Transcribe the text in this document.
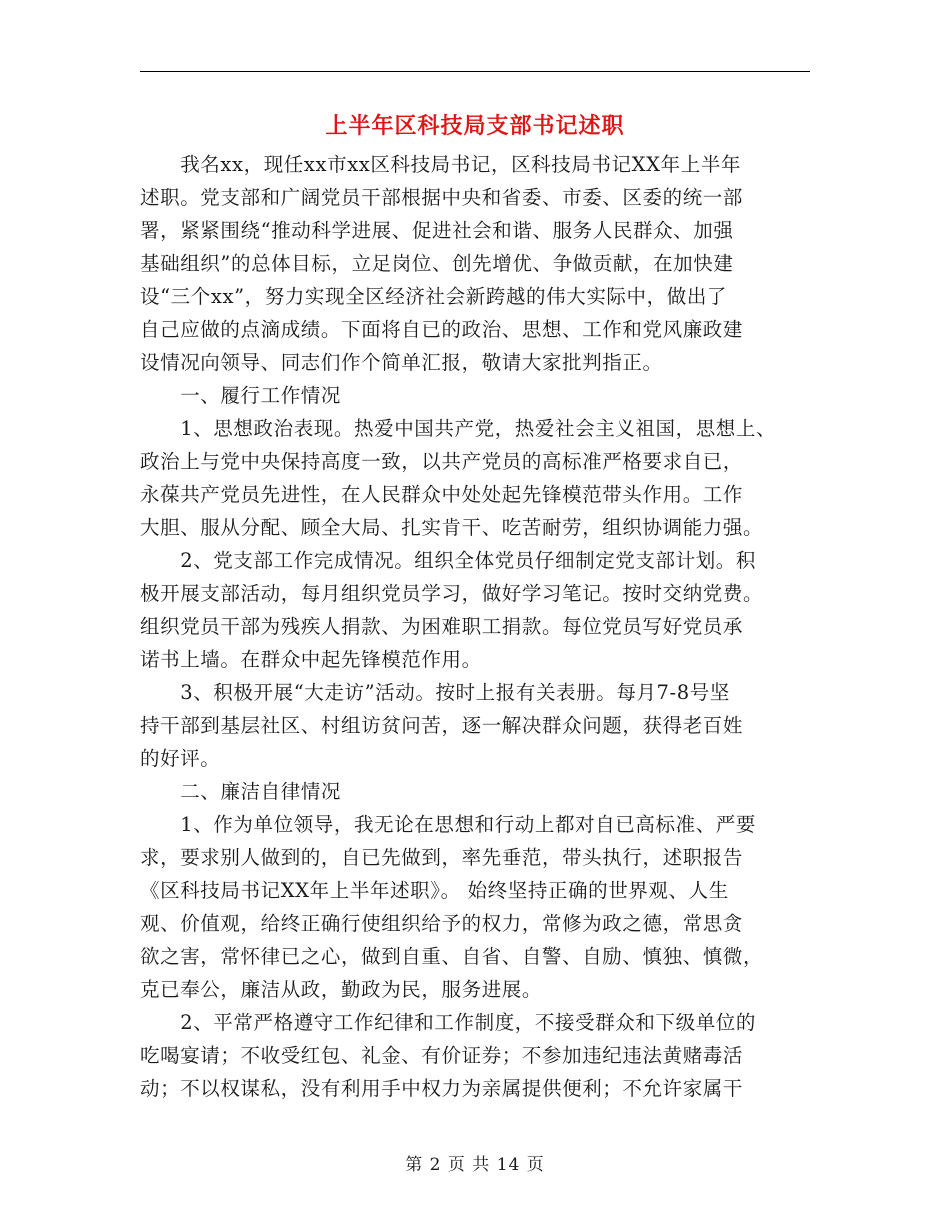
上半年区科技局支部书记述职
　　我名xx，现任xx市xx区科技局书记，区科技局书记XX年上半年
述职。党支部和广阔党员干部根据中央和省委、市委、区委的统一部
署，紧紧围绕“推动科学进展、促进社会和谐、服务人民群众、加强
基础组织”的总体目标，立足岗位、创先增优、争做贡献，在加快建
设“三个xx”，努力实现全区经济社会新跨越的伟大实际中，做出了
自己应做的点滴成绩。下面将自已的政治、思想、工作和党风廉政建
设情况向领导、同志们作个简单汇报，敬请大家批判指正。
　　一、履行工作情况
　　1、思想政治表现。热爱中国共产党，热爱社会主义祖国，思想上、
政治上与党中央保持高度一致，以共产党员的高标准严格要求自已，
永葆共产党员先进性，在人民群众中处处起先锋模范带头作用。工作
大胆、服从分配、顾全大局、扎实肯干、吃苦耐劳，组织协调能力强。
　　2、党支部工作完成情况。组织全体党员仔细制定党支部计划。积
极开展支部活动，每月组织党员学习，做好学习笔记。按时交纳党费。
组织党员干部为残疾人捐款、为困难职工捐款。每位党员写好党员承
诺书上墙。在群众中起先锋模范作用。
　　3、积极开展“大走访”活动。按时上报有关表册。每月7-8号坚
持干部到基层社区、村组访贫问苦，逐一解决群众问题，获得老百姓
的好评。
　　二、廉洁自律情况
　　1、作为单位领导，我无论在思想和行动上都对自已高标准、严要
求，要求别人做到的，自已先做到，率先垂范，带头执行，述职报告
《区科技局书记XX年上半年述职》。 始终坚持正确的世界观、人生
观、价值观，给终正确行使组织给予的权力，常修为政之德，常思贪
欲之害，常怀律已之心，做到自重、自省、自警、自励、慎独、慎微，
克已奉公，廉洁从政，勤政为民，服务进展。
　　2、平常严格遵守工作纪律和工作制度，不接受群众和下级单位的
吃喝宴请；不收受红包、礼金、有价证券；不参加违纪违法黄赌毒活
动；不以权谋私，没有利用手中权力为亲属提供便利；不允许家属干
第 2 页 共 14 页
